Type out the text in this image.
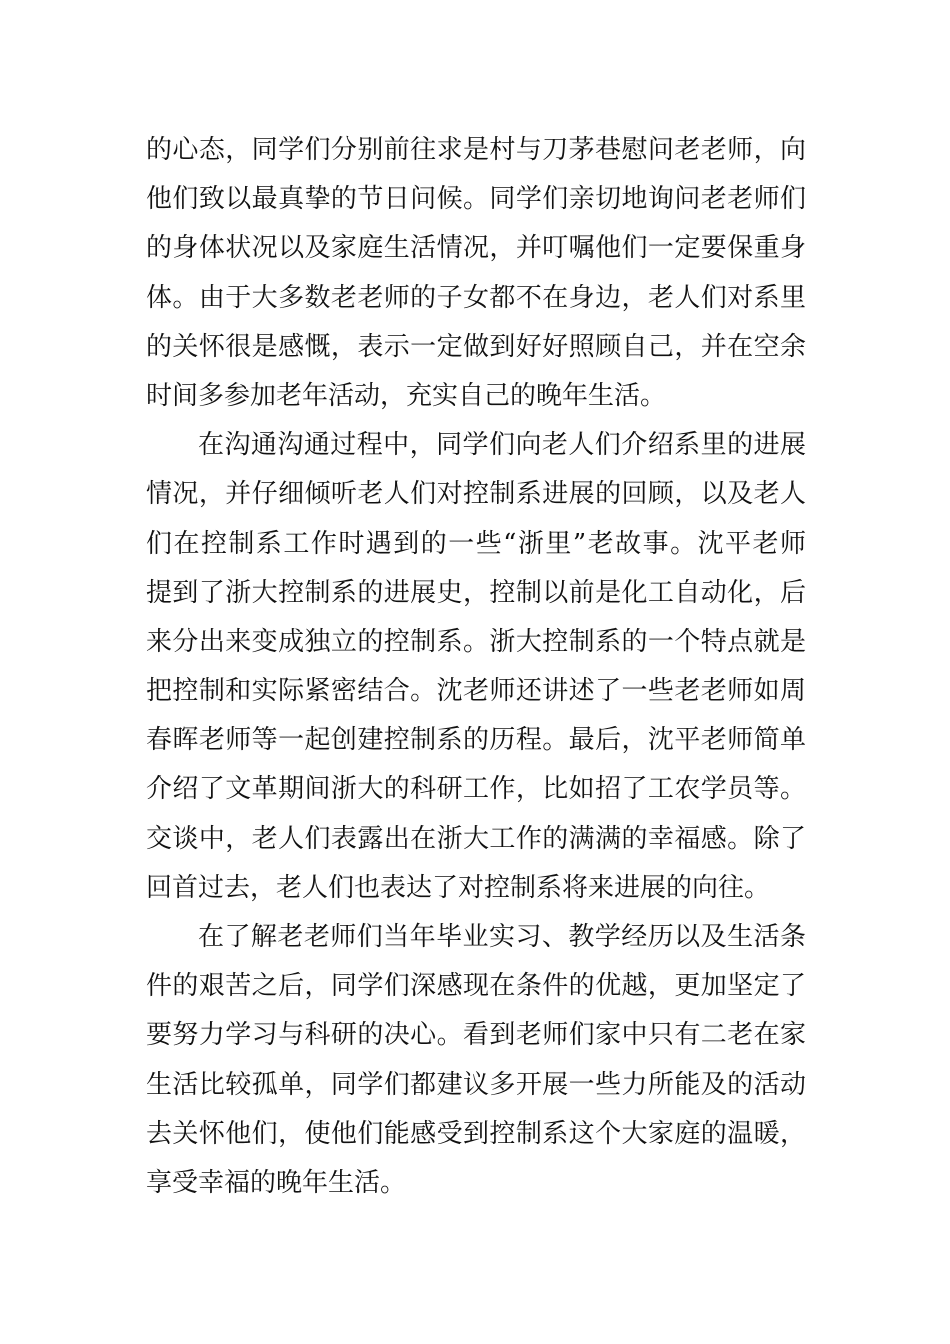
的心态，同学们分别前往求是村与刀茅巷慰问老老师，向
他们致以最真挚的节日问候。同学们亲切地询问老老师们
的身体状况以及家庭生活情况，并叮嘱他们一定要保重身
体。由于大多数老老师的子女都不在身边，老人们对系里
的关怀很是感慨，表示一定做到好好照顾自己，并在空余
时间多参加老年活动，充实自己的晚年生活。
在沟通沟通过程中，同学们向老人们介绍系里的进展
情况，并仔细倾听老人们对控制系进展的回顾，以及老人
们在控制系工作时遇到的一些“浙里”老故事。沈平老师
提到了浙大控制系的进展史，控制以前是化工自动化，后
来分出来变成独立的控制系。浙大控制系的一个特点就是
把控制和实际紧密结合。沈老师还讲述了一些老老师如周
春晖老师等一起创建控制系的历程。最后，沈平老师简单
介绍了文革期间浙大的科研工作，比如招了工农学员等。
交谈中，老人们表露出在浙大工作的满满的幸福感。除了
回首过去，老人们也表达了对控制系将来进展的向往。
在了解老老师们当年毕业实习、教学经历以及生活条
件的艰苦之后，同学们深感现在条件的优越，更加坚定了
要努力学习与科研的决心。看到老师们家中只有二老在家
生活比较孤单，同学们都建议多开展一些力所能及的活动
去关怀他们，使他们能感受到控制系这个大家庭的温暖，
享受幸福的晚年生活。
